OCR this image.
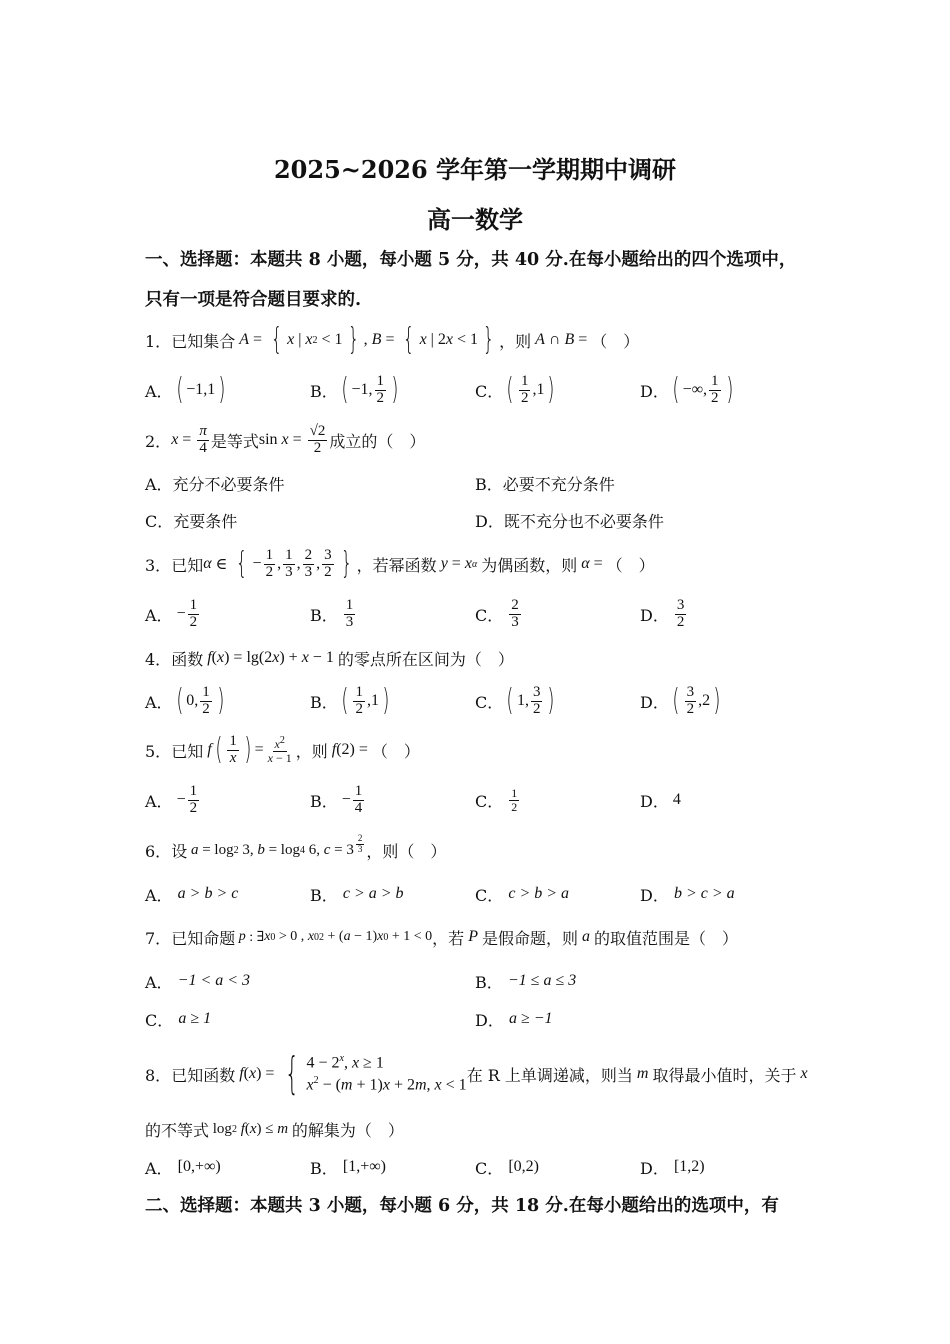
2025~2026 学年第一学期期中调研
高一数学
一、选择题：本题共 8 小题，每小题 5 分，共 40 分.在每小题给出的四个选项中，
只有一项是符合题目要求的.
1． 已知集合
A = { x | x 2 < 1 } , B = { x | 2 x < 1 } ，则
A ∩ B = （　）
A． ( −1,1 )	B． ( −1, $\frac{1}{2}$ )	C． ( $\frac{1}{2} ,1$ )	D． ( −∞, $\frac{1}{2}$ )
2． $x = \frac{\pi}{4}$ 是等式 $\sin x = \frac{√2}{2}$ 成立的（　）
A．充分不必要条件	B．必要不充分条件
C．充要条件	D．既不充分也不必要条件
3． 已知 α ∈ { − $\frac{1}{2}$ , $\frac{1}{3}$ , $\frac{2}{3}$ , $\frac{3}{2}$ } ，若幂函数
y = x α
为偶函数，则
α = （　）
A． − $\frac{1}{2}$	B．
$\frac{1}{3}$	C．
$\frac{2}{3}$	D．
$\frac{3}{2}$
4． 函数
f ( x ) = lg(2 x ) + x − 1 的零点所在区间为（　）
A． ( 0, $\frac{1}{2}$ )	B． ( $\frac{1}{2} ,1$ )	C． ( 1, $\frac{3}{2}$ )	D． ( $\frac{3}{2} ,2$ )
5． 已知
f ( $\frac{1}{x}$ ) = $\frac{x^2}{x - 1}$ ，则
f (2) = （　）
A． − $\frac{1}{2}$	B． − $\frac{1}{4}$	C．
$\frac{1}{2}$	D．
4
6． 设
a = log 2 3, b = log 4 6, c = 3 $^{\frac{2}{3}}$ ，则（　）
A．
a > b > c	B．
c > a > b	C．
c > b > a	D．
b > c > a
7． 已知命题
p : ∃ x 0 > 0 , x 0 2 + ( a − 1) x 0 + 1 < 0 ，若
P
是假命题，则
a
的取值范围是（　）
A．
−1 < a < 3	B．
−1 ≤ a ≤ 3
C．
a ≥ 1	D．
a ≥ −1
8． 已知函数
f ( x ) = { $4 - 2^x$, x ≥ 1
$x^2 - (m + 1)x + 2m$, x < 1
在 R 上单调递减，则当
m
取得最小值时，关于
x
的不等式 log 2
f ( x ) ≤ m
的解集为（　）
A．
[0,+∞)	B．
[1,+∞)	C．
[0,2)	D．
[1,2)
二、选择题：本题共 3 小题，每小题 6 分，共 18 分.在每小题给出的选项中，有
